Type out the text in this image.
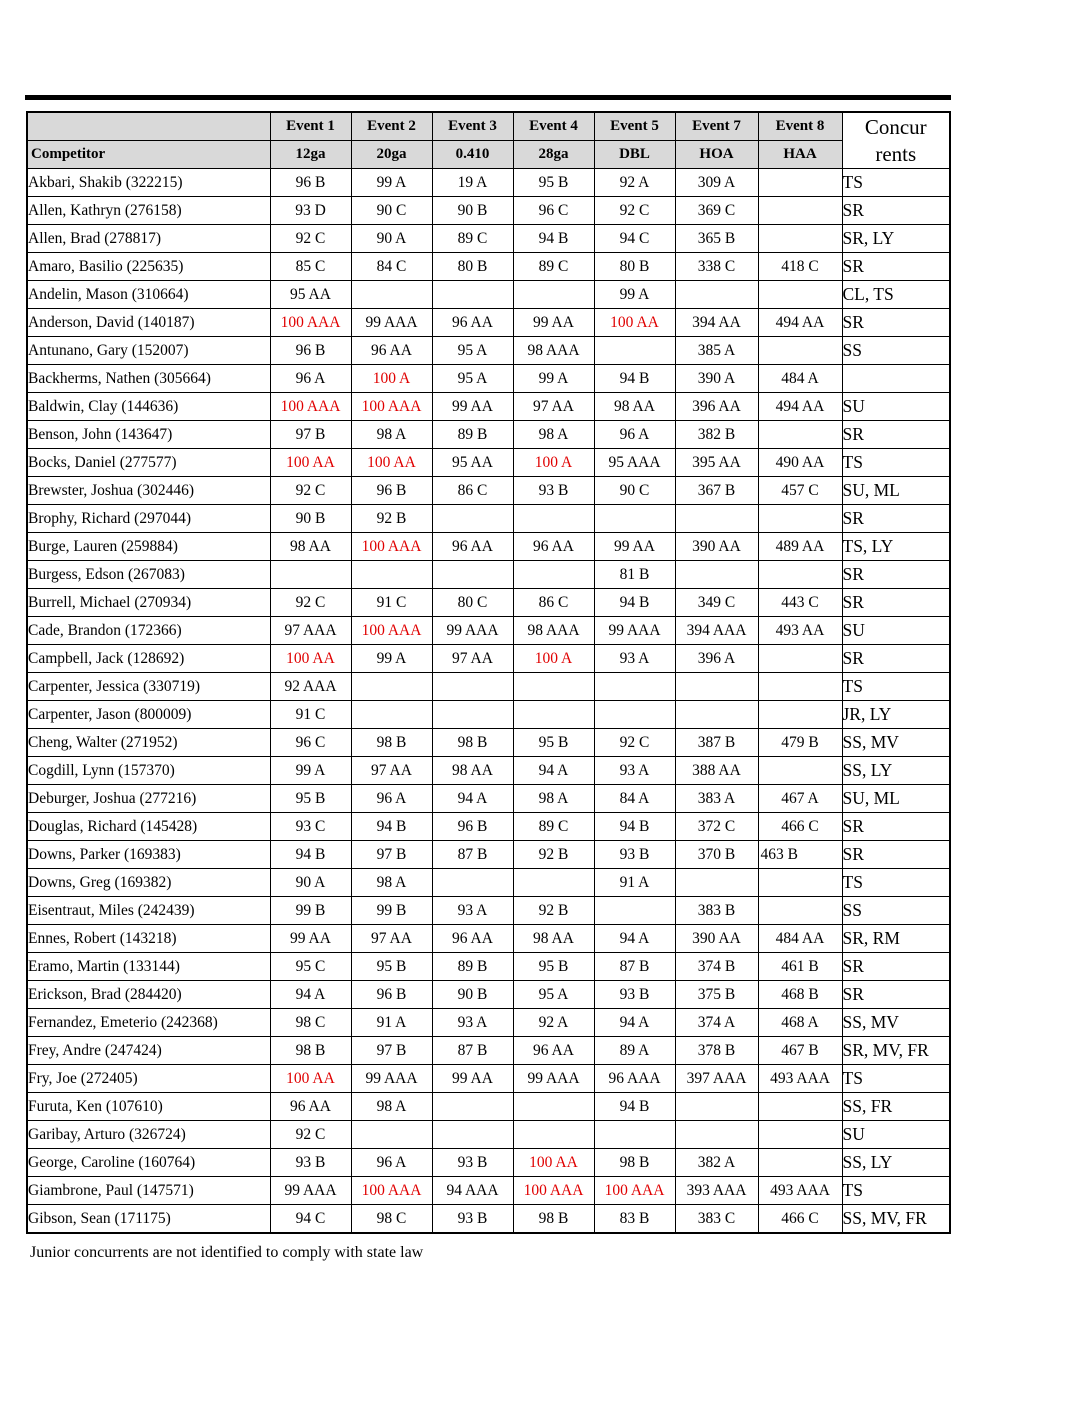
	Event 1	Event 2	Event 3	Event 4	Event 5	Event 7	Event 8	Concur
rents

Competitor	12ga	20ga	0.410	28ga	DBL	HOA	HAA	
Akbari, Shakib (322215)	96 B	99 A	19 A	95 B	92 A	309 A		TS
Allen, Kathryn (276158)	93 D	90 C	90 B	96 C	92 C	369 C		SR
Allen, Brad (278817)	92 C	90 A	89 C	94 B	94 C	365 B		SR, LY
Amaro, Basilio (225635)	85 C	84 C	80 B	89 C	80 B	338 C	418 C	SR
Andelin, Mason (310664)	95 AA				99 A			CL, TS
Anderson, David (140187)	100 AAA	99 AAA	96 AA	99 AA	100 AA	394 AA	494 AA	SR
Antunano, Gary (152007)	96 B	96 AA	95 A	98 AAA		385 A		SS
Backherms, Nathen (305664)	96 A	100 A	95 A	99 A	94 B	390 A	484 A	
Baldwin, Clay (144636)	100 AAA	100 AAA	99 AA	97 AA	98 AA	396 AA	494 AA	SU
Benson, John (143647)	97 B	98 A	89 B	98 A	96 A	382 B		SR
Bocks, Daniel (277577)	100 AA	100 AA	95 AA	100 A	95 AAA	395 AA	490 AA	TS
Brewster, Joshua (302446)	92 C	96 B	86 C	93 B	90 C	367 B	457 C	SU, ML
Brophy, Richard (297044)	90 B	92 B						SR
Burge, Lauren (259884)	98 AA	100 AAA	96 AA	96 AA	99 AA	390 AA	489 AA	TS, LY
Burgess, Edson (267083)					81 B			SR
Burrell, Michael (270934)	92 C	91 C	80 C	86 C	94 B	349 C	443 C	SR
Cade, Brandon (172366)	97 AAA	100 AAA	99 AAA	98 AAA	99 AAA	394 AAA	493 AA	SU
Campbell, Jack (128692)	100 AA	99 A	97 AA	100 A	93 A	396 A		SR
Carpenter, Jessica (330719)	92 AAA							TS
Carpenter, Jason (800009)	91 C							JR, LY
Cheng, Walter (271952)	96 C	98 B	98 B	95 B	92 C	387 B	479 B	SS, MV
Cogdill, Lynn (157370)	99 A	97 AA	98 AA	94 A	93 A	388 AA		SS, LY
Deburger, Joshua (277216)	95 B	96 A	94 A	98 A	84 A	383 A	467 A	SU, ML
Douglas, Richard (145428)	93 C	94 B	96 B	89 C	94 B	372 C	466 C	SR
Downs, Parker (169383)	94 B	97 B	87 B	92 B	93 B	370 B	463 B	SR
Downs, Greg (169382)	90 A	98 A			91 A			TS
Eisentraut, Miles (242439)	99 B	99 B	93 A	92 B		383 B		SS
Ennes, Robert (143218)	99 AA	97 AA	96 AA	98 AA	94 A	390 AA	484 AA	SR, RM
Eramo, Martin (133144)	95 C	95 B	89 B	95 B	87 B	374 B	461 B	SR
Erickson, Brad (284420)	94 A	96 B	90 B	95 A	93 B	375 B	468 B	SR
Fernandez, Emeterio (242368)	98 C	91 A	93 A	92 A	94 A	374 A	468 A	SS, MV
Frey, Andre (247424)	98 B	97 B	87 B	96 AA	89 A	378 B	467 B	SR, MV, FR
Fry, Joe (272405)	100 AA	99 AAA	99 AA	99 AAA	96 AAA	397 AAA	493 AAA	TS
Furuta, Ken (107610)	96 AA	98 A			94 B			SS, FR
Garibay, Arturo (326724)	92 C							SU
George, Caroline (160764)	93 B	96 A	93 B	100 AA	98 B	382 A		SS, LY
Giambrone, Paul (147571)	99 AAA	100 AAA	94 AAA	100 AAA	100 AAA	393 AAA	493 AAA	TS
Gibson, Sean (171175)	94 C	98 C	93 B	98 B	83 B	383 C	466 C	SS, MV, FR
Junior concurrents are not identified to comply with state law
